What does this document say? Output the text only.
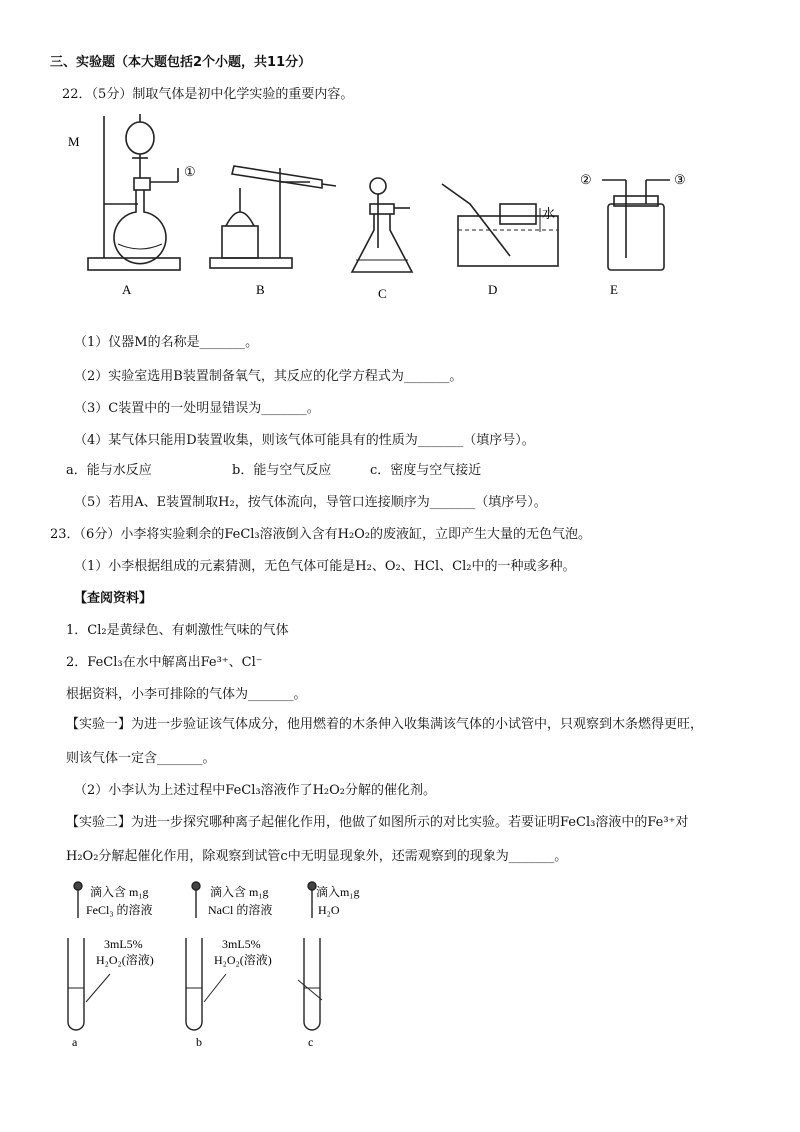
三、实验题（本大题包括2个小题，共11分）
22．（5分）制取气体是初中化学实验的重要内容。
M
①
②	③
水
A	B	C	D	E
（1）仪器M的名称是_______。
（2）实验室选用B装置制备氧气，其反应的化学方程式为_______。
（3）C装置中的一处明显错误为_______。
（4）某气体只能用D装置收集，则该气体可能具有的性质为_______（填序号）。
a．能与水反应	b．能与空气反应	c．密度与空气接近
（5）若用A、E装置制取H₂，按气体流向，导管口连接顺序为_______（填序号）。
23．（6分）小李将实验剩余的FeCl₃溶液倒入含有H₂O₂的废液缸，立即产生大量的无色气泡。
（1）小李根据组成的元素猜测，无色气体可能是H₂、O₂、HCl、Cl₂中的一种或多种。
【查阅资料】
1．Cl₂是黄绿色、有刺激性气味的气体
2．FeCl₃在水中解离出Fe³⁺、Cl⁻
根据资料，小李可排除的气体为_______。
【实验一】为进一步验证该气体成分，他用燃着的木条伸入收集满该气体的小试管中，只观察到木条燃得更旺，
则该气体一定含_______。
（2）小李认为上述过程中FeCl₃溶液作了H₂O₂分解的催化剂。
【实验二】为进一步探究哪种离子起催化作用，他做了如图所示的对比实验。若要证明FeCl₃溶液中的Fe³⁺对
H₂O₂分解起催化作用，除观察到试管c中无明显现象外，还需观察到的现象为_______。
滴入含 m₁g
FeCl₃ 的溶液
3mL5%
H₂O₂(溶液)
a
滴入含 m₁g
NaCl 的溶液
3mL5%
H₂O₂(溶液)
b
滴入m₁g
H₂O
c
